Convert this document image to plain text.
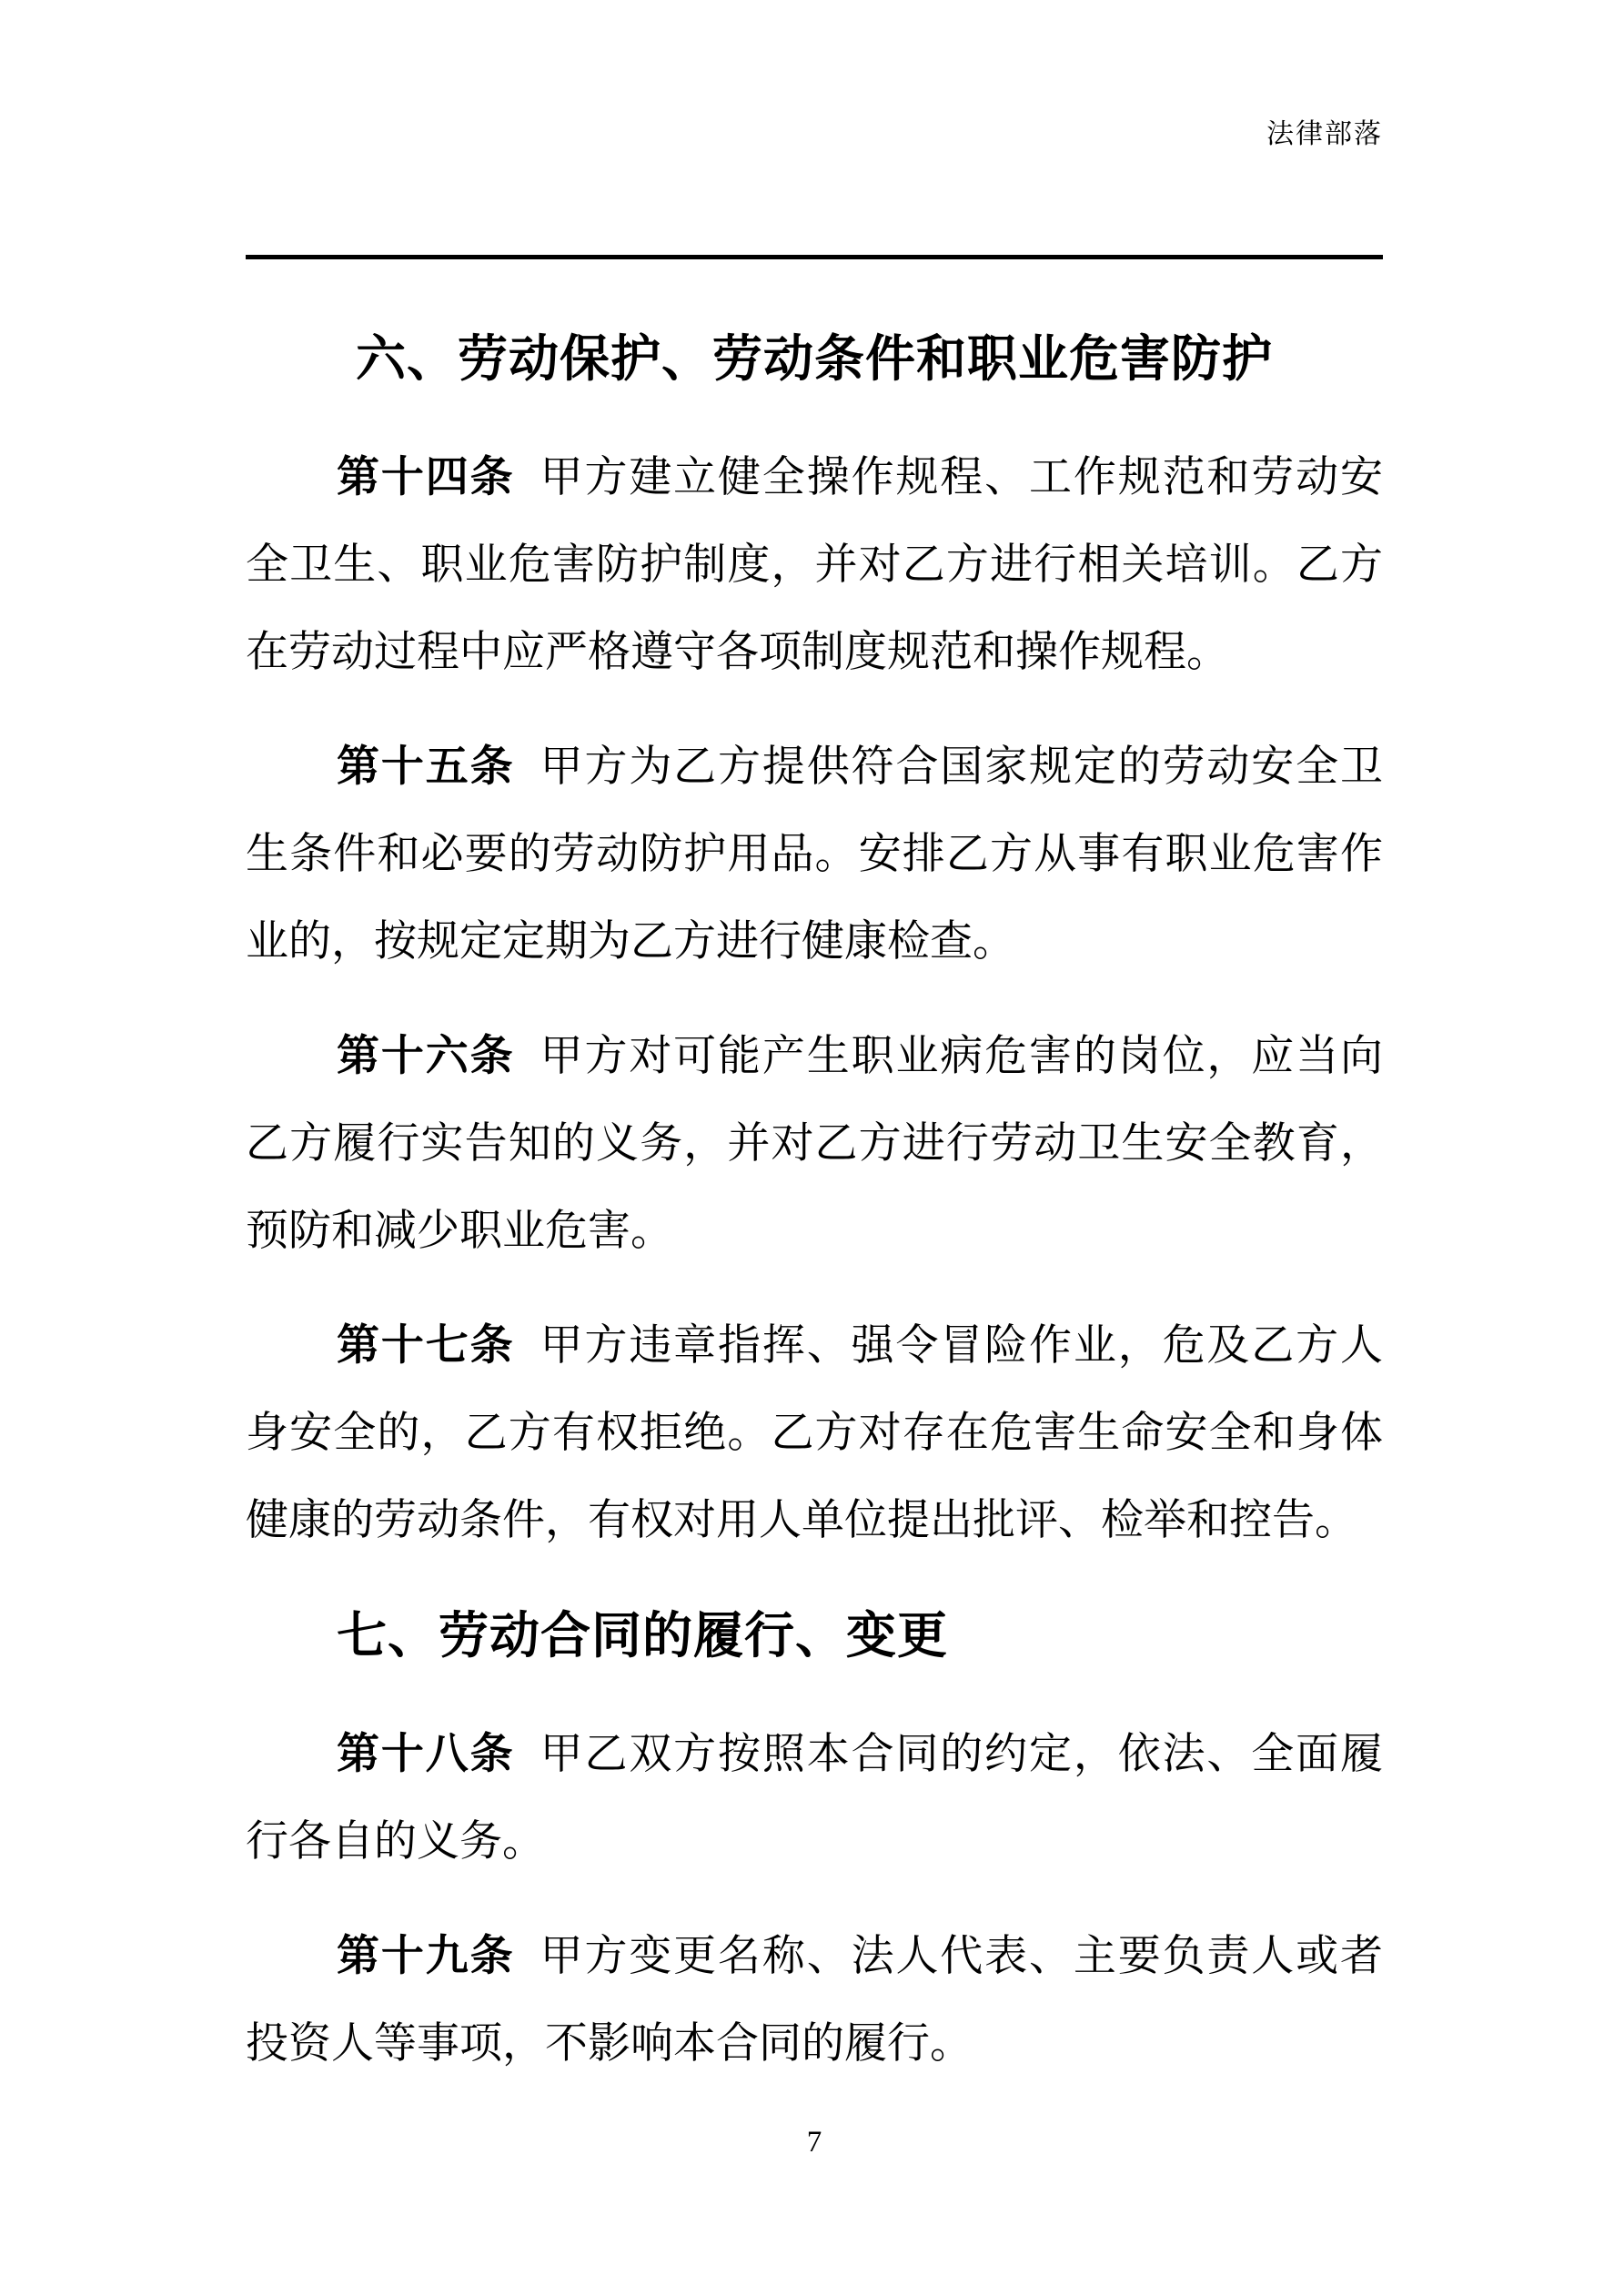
法律部落
六、劳动保护、劳动条件和职业危害防护

第十四条 甲方建立健全操作规程、工作规范和劳动安全卫生、职业危害防护制度，并对乙方进行相关培训。乙方在劳动过程中应严格遵守各项制度规范和操作规程。

第十五条 甲方为乙方提供符合国家规定的劳动安全卫生条件和必要的劳动防护用品。安排乙方从事有职业危害作业的，按规定定期为乙方进行健康检查。

第十六条 甲方对可能产生职业病危害的岗位，应当向乙方履行实告知的义务，并对乙方进行劳动卫生安全教育，预防和减少职业危害。

第十七条 甲方违章指挥、强令冒险作业，危及乙方人身安全的，乙方有权拒绝。乙方对存在危害生命安全和身体健康的劳动条件，有权对用人单位提出批评、检举和控告。

七、劳动合同的履行、变更

第十八条 甲乙双方按照本合同的约定，依法、全面履行各自的义务。

第十九条 甲方变更名称、法人代表、主要负责人或者投资人等事项，不影响本合同的履行。

7
